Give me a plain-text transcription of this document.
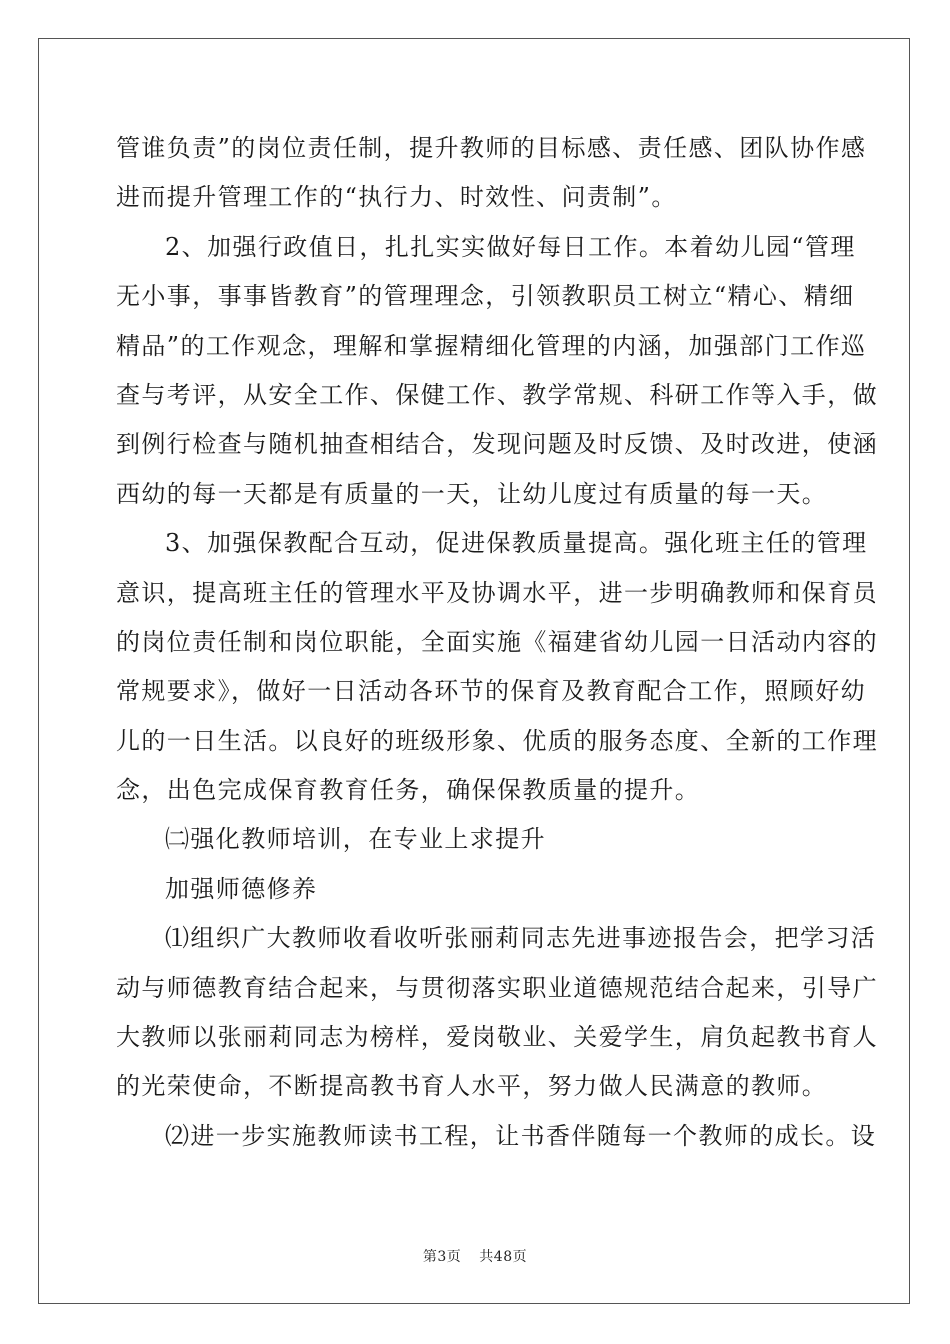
管谁负责”的岗位责任制，提升教师的目标感、责任感、团队协作感
进而提升管理工作的“执行力、时效性、问责制”。
2、加强行政值日，扎扎实实做好每日工作。本着幼儿园“管理
无小事，事事皆教育”的管理理念，引领教职员工树立“精心、精细
精品”的工作观念，理解和掌握精细化管理的内涵，加强部门工作巡
查与考评，从安全工作、保健工作、教学常规、科研工作等入手，做
到例行检查与随机抽查相结合，发现问题及时反馈、及时改进，使涵
西幼的每一天都是有质量的一天，让幼儿度过有质量的每一天。
3、加强保教配合互动，促进保教质量提高。强化班主任的管理
意识，提高班主任的管理水平及协调水平，进一步明确教师和保育员
的岗位责任制和岗位职能，全面实施《福建省幼儿园一日活动内容的
常规要求》，做好一日活动各环节的保育及教育配合工作，照顾好幼
儿的一日生活。以良好的班级形象、优质的服务态度、全新的工作理
念，出色完成保育教育任务，确保保教质量的提升。
㈡强化教师培训，在专业上求提升
加强师德修养
⑴组织广大教师收看收听张丽莉同志先进事迹报告会，把学习活
动与师德教育结合起来，与贯彻落实职业道德规范结合起来，引导广
大教师以张丽莉同志为榜样，爱岗敬业、关爱学生，肩负起教书育人
的光荣使命，不断提高教书育人水平，努力做人民满意的教师。
⑵进一步实施教师读书工程，让书香伴随每一个教师的成长。设
第3页 共48页
